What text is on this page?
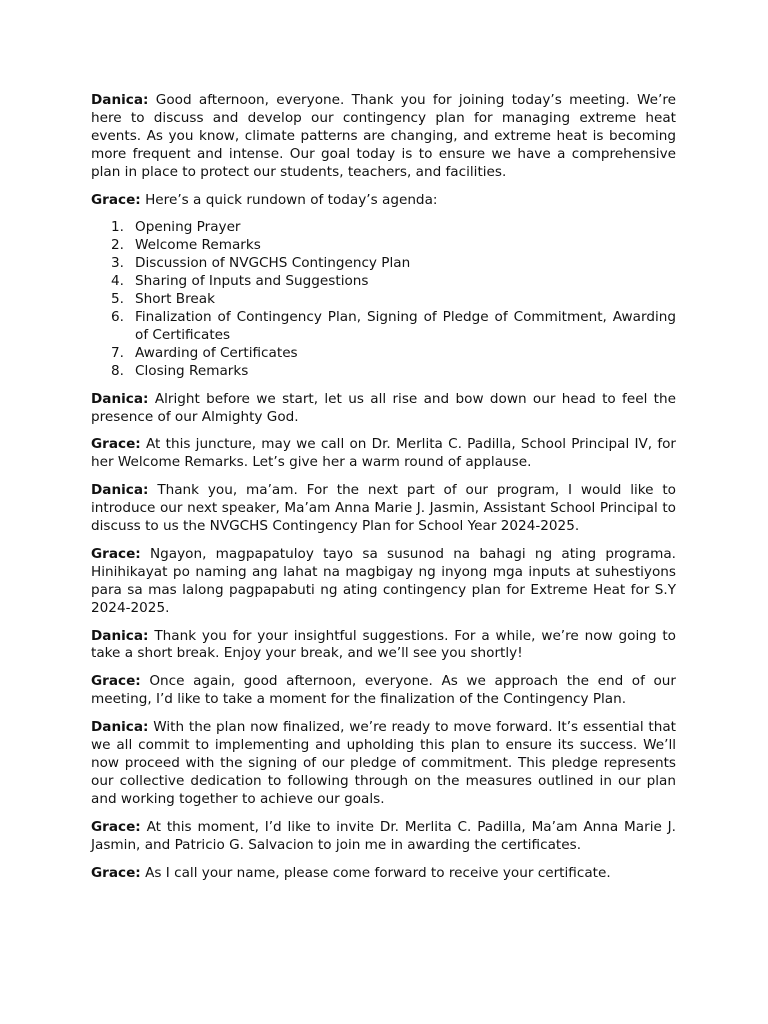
Danica: Good afternoon, everyone. Thank you for joining today’s meeting. We’re here to discuss and develop our contingency plan for managing extreme heat events. As you know, climate patterns are changing, and extreme heat is becoming more frequent and intense. Our goal today is to ensure we have a comprehensive plan in place to protect our students, teachers, and facilities.

Grace: Here’s a quick rundown of today’s agenda:

1. Opening Prayer
2. Welcome Remarks
3. Discussion of NVGCHS Contingency Plan
4. Sharing of Inputs and Suggestions
5. Short Break
6. Finalization of Contingency Plan, Signing of Pledge of Commitment, Awarding of Certificates
7. Awarding of Certificates
8. Closing Remarks

Danica: Alright before we start, let us all rise and bow down our head to feel the presence of our Almighty God.

Grace: At this juncture, may we call on Dr. Merlita C. Padilla, School Principal IV, for her Welcome Remarks. Let’s give her a warm round of applause.

Danica: Thank you, ma’am. For the next part of our program, I would like to introduce our next speaker, Ma’am Anna Marie J. Jasmin, Assistant School Principal to discuss to us the NVGCHS Contingency Plan for School Year 2024-2025.

Grace: Ngayon, magpapatuloy tayo sa susunod na bahagi ng ating programa. Hinihikayat po naming ang lahat na magbigay ng inyong mga inputs at suhestiyons para sa mas lalong pagpapabuti ng ating contingency plan for Extreme Heat for S.Y 2024-2025.

Danica: Thank you for your insightful suggestions. For a while, we’re now going to take a short break. Enjoy your break, and we’ll see you shortly!

Grace: Once again, good afternoon, everyone. As we approach the end of our meeting, I’d like to take a moment for the finalization of the Contingency Plan.

Danica: With the plan now finalized, we’re ready to move forward. It’s essential that we all commit to implementing and upholding this plan to ensure its success. We’ll now proceed with the signing of our pledge of commitment. This pledge represents our collective dedication to following through on the measures outlined in our plan and working together to achieve our goals.

Grace: At this moment, I’d like to invite Dr. Merlita C. Padilla, Ma’am Anna Marie J. Jasmin, and Patricio G. Salvacion to join me in awarding the certificates.

Grace: As I call your name, please come forward to receive your certificate.
